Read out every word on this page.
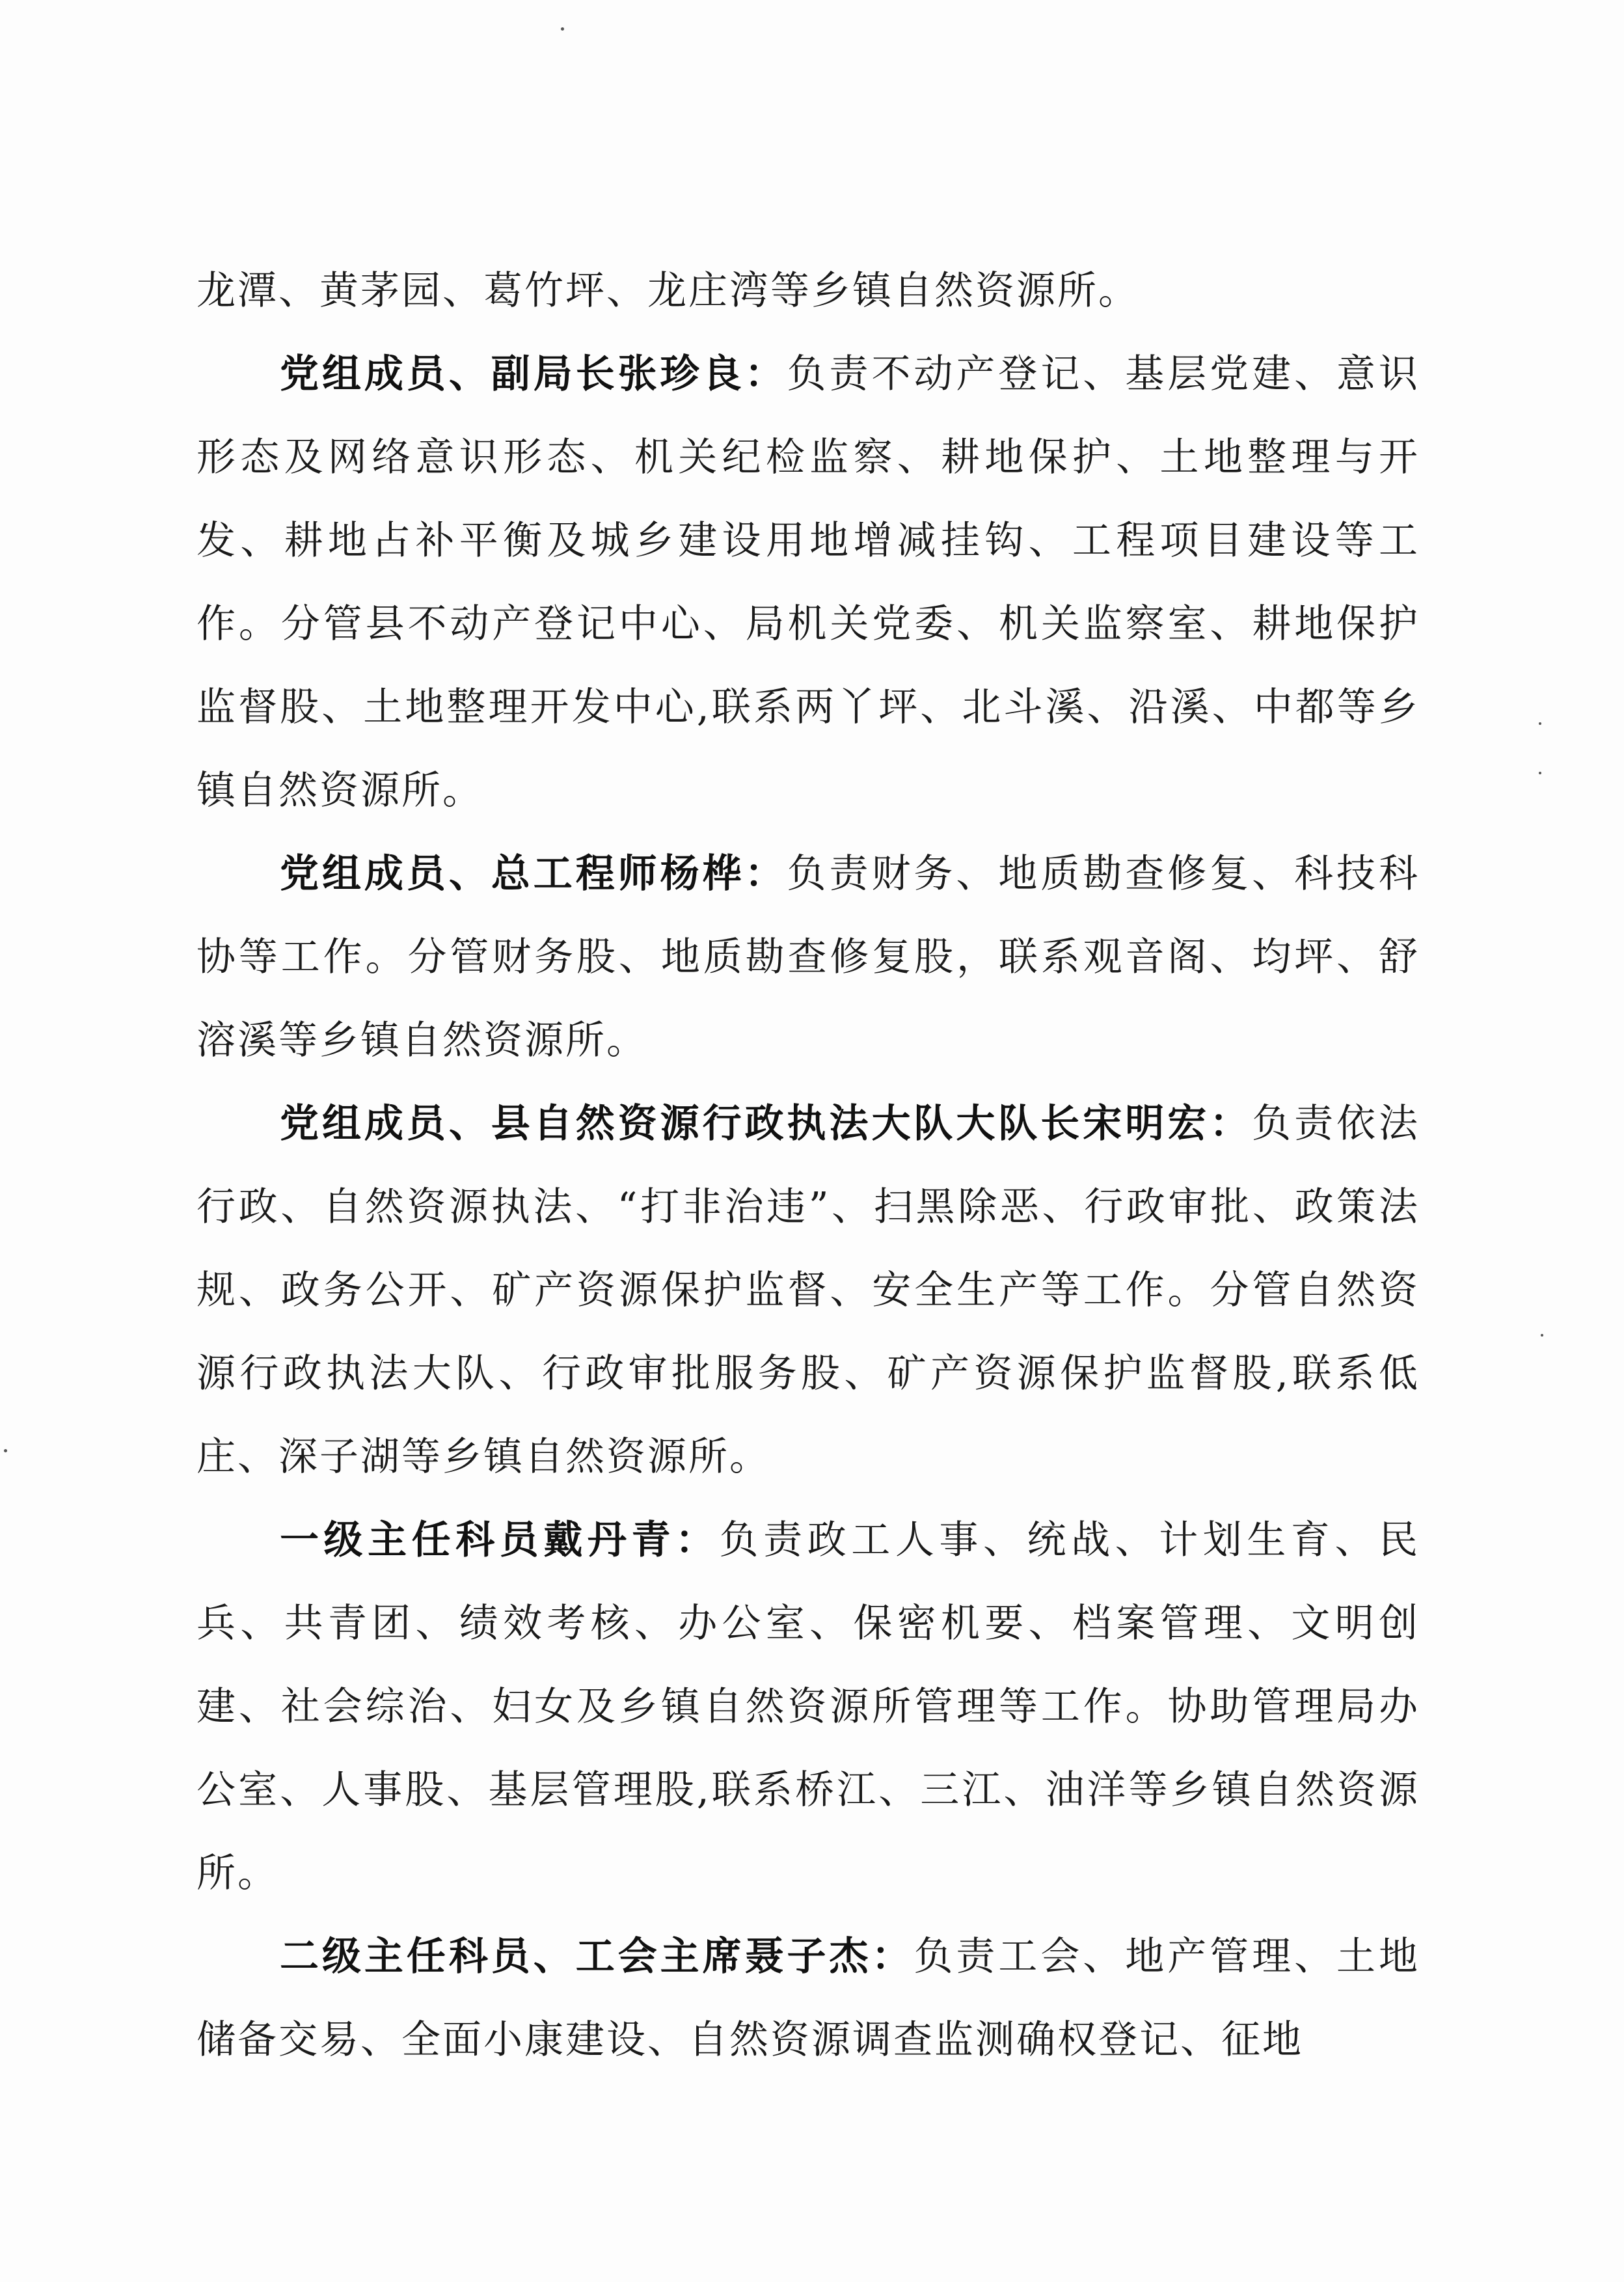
龙潭、黄茅园、葛竹坪、龙庄湾等乡镇自然资源所。

党组成员、副局长张珍良：负责不动产登记、基层党建、意识形态及网络意识形态、机关纪检监察、耕地保护、土地整理与开发、耕地占补平衡及城乡建设用地增减挂钩、工程项目建设等工作。分管县不动产登记中心、局机关党委、机关监察室、耕地保护监督股、土地整理开发中心,联系两丫坪、北斗溪、沿溪、中都等乡镇自然资源所。

党组成员、总工程师杨桦：负责财务、地质勘查修复、科技科协等工作。分管财务股、地质勘查修复股，联系观音阁、均坪、舒溶溪等乡镇自然资源所。

党组成员、县自然资源行政执法大队大队长宋明宏：负责依法行政、自然资源执法、“打非治违”、扫黑除恶、行政审批、政策法规、政务公开、矿产资源保护监督、安全生产等工作。分管自然资源行政执法大队、行政审批服务股、矿产资源保护监督股,联系低庄、深子湖等乡镇自然资源所。

一级主任科员戴丹青：负责政工人事、统战、计划生育、民兵、共青团、绩效考核、办公室、保密机要、档案管理、文明创建、社会综治、妇女及乡镇自然资源所管理等工作。协助管理局办公室、人事股、基层管理股,联系桥江、三江、油洋等乡镇自然资源所。

二级主任科员、工会主席聂子杰：负责工会、地产管理、土地储备交易、全面小康建设、自然资源调查监测确权登记、征地
